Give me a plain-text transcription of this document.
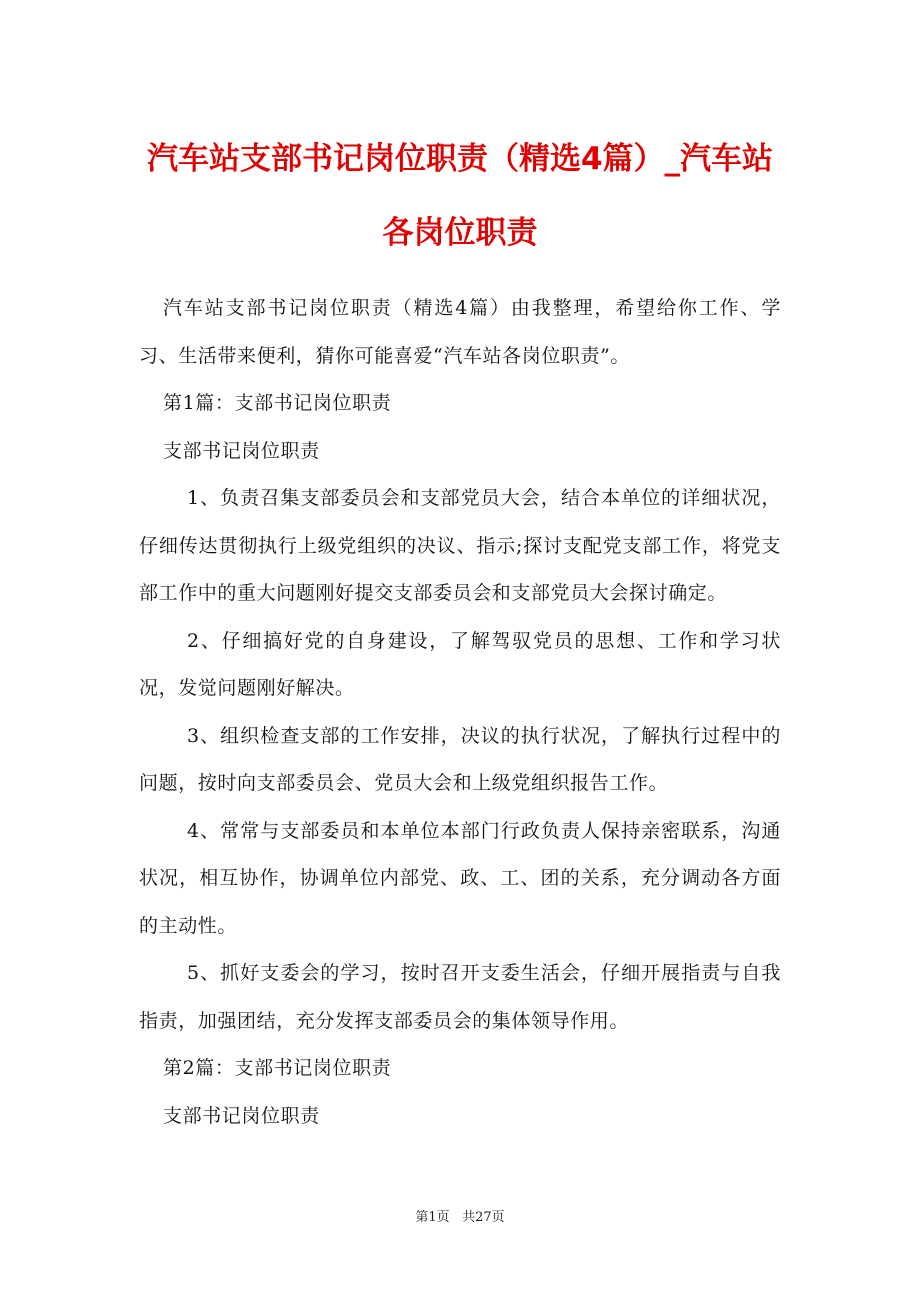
汽车站支部书记岗位职责（精选4篇）_汽车站各岗位职责

汽车站支部书记岗位职责（精选4篇）由我整理，希望给你工作、学习、生活带来便利，猜你可能喜爱“汽车站各岗位职责”。

第1篇：支部书记岗位职责

支部书记岗位职责

1、负责召集支部委员会和支部党员大会，结合本单位的详细状况，仔细传达贯彻执行上级党组织的决议、指示;探讨支配党支部工作，将党支部工作中的重大问题刚好提交支部委员会和支部党员大会探讨确定。

2、仔细搞好党的自身建设，了解驾驭党员的思想、工作和学习状况，发觉问题刚好解决。

3、组织检查支部的工作安排，决议的执行状况，了解执行过程中的问题，按时向支部委员会、党员大会和上级党组织报告工作。

4、常常与支部委员和本单位本部门行政负责人保持亲密联系，沟通状况，相互协作，协调单位内部党、政、工、团的关系，充分调动各方面的主动性。

5、抓好支委会的学习，按时召开支委生活会，仔细开展指责与自我指责，加强团结，充分发挥支部委员会的集体领导作用。

第2篇：支部书记岗位职责

支部书记岗位职责

第1页 共27页
